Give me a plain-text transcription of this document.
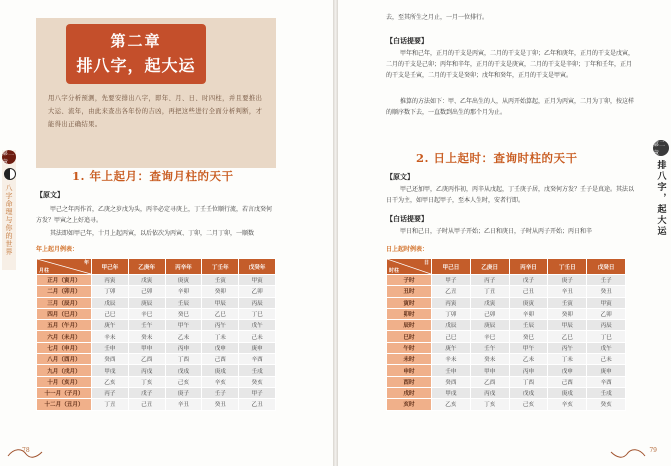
第二章
八字命理与你的世界
第二章
排八字，起大运
用八字分析预测，先要安排出八字，即年、月、日、时四柱，并且要推出大运、流年，由此来查出各年份的吉凶，再把这些进行全面分析判断，才能得出正确结果。
1. 年上起月：查询月柱的天干
【原文】
甲己之年丙作首，乙庚之岁戊为头，丙辛必定寻庚上，丁壬壬位顺行流，若言戊癸何方发？甲寅之上好追寻。
其法即如甲己年，十月上起丙寅，以后依次为丙寅、丁卯，二月丁卯，一顺数
年上起月例表：
年
月柱	甲己年	乙庚年	丙辛年	丁壬年	戊癸年
正月（寅月）	丙寅	戊寅	庚寅	壬寅	甲寅
二月（卯月）	丁卯	己卯	辛卯	癸卯	乙卯
三月（辰月）	戊辰	庚辰	壬辰	甲辰	丙辰
四月（巳月）	己巳	辛巳	癸巳	乙巳	丁巳
五月（午月）	庚午	壬午	甲午	丙午	戊午
六月（未月）	辛未	癸未	乙未	丁未	己未
七月（申月）	壬申	甲申	丙申	戊申	庚申
八月（酉月）	癸酉	乙酉	丁酉	己酉	辛酉
九月（戌月）	甲戌	丙戌	戊戌	庚戌	壬戌
十月（亥月）	乙亥	丁亥	己亥	辛亥	癸亥
十一月（子月）	丙子	戊子	庚子	壬子	甲子
十二月（丑月）	丁丑	己丑	辛丑	癸丑	乙丑
78
第二章
排八字，起大运
去，至其所生之月止，一月一位排行。
【白话提要】
甲年和己年，正月的干支是丙寅，二月的干支是丁卯；乙年和庚年，正月的干支是戊寅，二月的干支是己卯；丙年和辛年，正月的干支是庚寅，二月的干支是辛卯；丁年和壬年，正月的干支是壬寅，二月的干支是癸卯；戊年和癸年，正月的干支是甲寅。
推算的方法如下：甲、乙年出生的人，从丙开始算起，正月为丙寅，二月为丁卯，按这样的顺序数下去，一直数到出生的那个月为止。
2. 日上起时：查询时柱的天干
【原文】
甲己还加甲，乙庚丙作初，丙辛从戊起，丁壬庚子居，戊癸何方发？壬子是真途。其法以日干为主，如甲日起甲子，至本人生时，安者行即。
【白话提要】
甲日和己日，子时从甲子开始；乙日和庚日，子时从丙子开始；丙日和辛
日上起时例表：
日
时柱	甲己日	乙庚日	丙辛日	丁壬日	戊癸日
子时	甲子	丙子	戊子	庚子	壬子
丑时	乙丑	丁丑	己丑	辛丑	癸丑
寅时	丙寅	戊寅	庚寅	壬寅	甲寅
卯时	丁卯	己卯	辛卯	癸卯	乙卯
辰时	戊辰	庚辰	壬辰	甲辰	丙辰
巳时	己巳	辛巳	癸巳	乙巳	丁巳
午时	庚午	壬午	甲午	丙午	戊午
未时	辛未	癸未	乙未	丁未	己未
申时	壬申	甲申	丙申	戊申	庚申
酉时	癸酉	乙酉	丁酉	己酉	辛酉
戌时	甲戌	丙戌	戊戌	庚戌	壬戌
亥时	乙亥	丁亥	己亥	辛亥	癸亥
79
